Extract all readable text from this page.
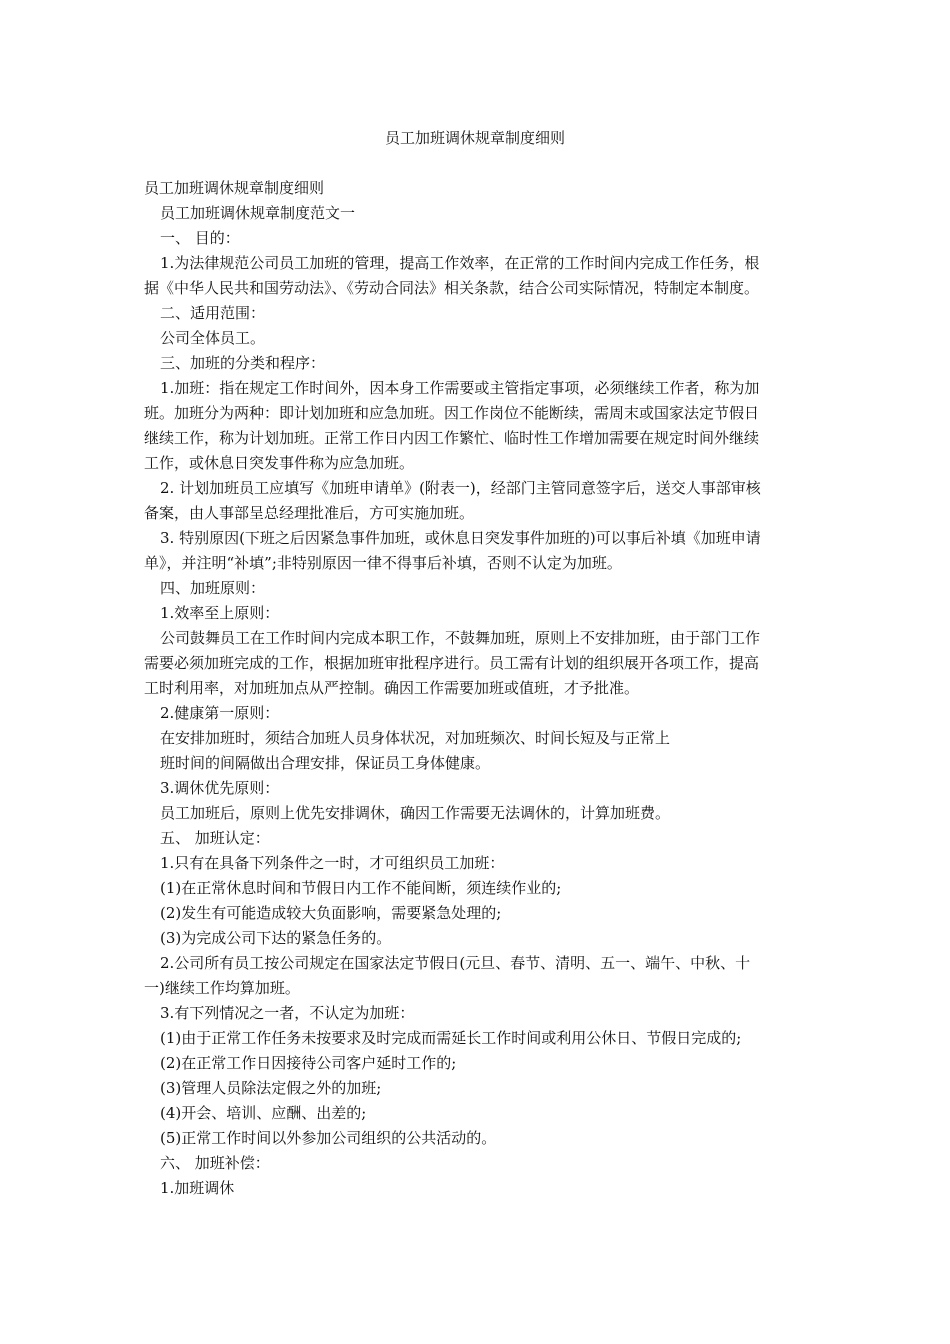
员工加班调休规章制度细则

员工加班调休规章制度细则

员工加班调休规章制度范文一

一、 目的：

1.为法律规范公司员工加班的管理，提高工作效率，在正常的工作时间内完成工作任务，根

据《中华人民共和国劳动法》、《劳动合同法》相关条款，结合公司实际情况，特制定本制度。

二、适用范围：

公司全体员工。

三、加班的分类和程序：

1.加班：指在规定工作时间外，因本身工作需要或主管指定事项，必须继续工作者，称为加

班。加班分为两种：即计划加班和应急加班。因工作岗位不能断续，需周末或国家法定节假日

继续工作，称为计划加班。正常工作日内因工作繁忙、临时性工作增加需要在规定时间外继续

工作，或休息日突发事件称为应急加班。

2. 计划加班员工应填写《加班申请单》(附表一)，经部门主管同意签字后，送交人事部审核

备案，由人事部呈总经理批准后，方可实施加班。

3. 特别原因(下班之后因紧急事件加班，或休息日突发事件加班的)可以事后补填《加班申请

单》，并注明“补填”;非特别原因一律不得事后补填，否则不认定为加班。

四、加班原则：

1.效率至上原则：

公司鼓舞员工在工作时间内完成本职工作，不鼓舞加班，原则上不安排加班，由于部门工作

需要必须加班完成的工作，根据加班审批程序进行。员工需有计划的组织展开各项工作，提高

工时利用率，对加班加点从严控制。确因工作需要加班或值班，才予批准。

2.健康第一原则：

在安排加班时，须结合加班人员身体状况，对加班频次、时间长短及与正常上

班时间的间隔做出合理安排，保证员工身体健康。

3.调休优先原则：

员工加班后，原则上优先安排调休，确因工作需要无法调休的，计算加班费。

五、 加班认定：

1.只有在具备下列条件之一时，才可组织员工加班：

(1)在正常休息时间和节假日内工作不能间断，须连续作业的;

(2)发生有可能造成较大负面影响，需要紧急处理的;

(3)为完成公司下达的紧急任务的。

2.公司所有员工按公司规定在国家法定节假日(元旦、春节、清明、五一、端午、中秋、十

一)继续工作均算加班。

3.有下列情况之一者，不认定为加班：

(1)由于正常工作任务未按要求及时完成而需延长工作时间或利用公休日、节假日完成的;

(2)在正常工作日因接待公司客户延时工作的;

(3)管理人员除法定假之外的加班;

(4)开会、培训、应酬、出差的;

(5)正常工作时间以外参加公司组织的公共活动的。

六、 加班补偿：

1.加班调休
